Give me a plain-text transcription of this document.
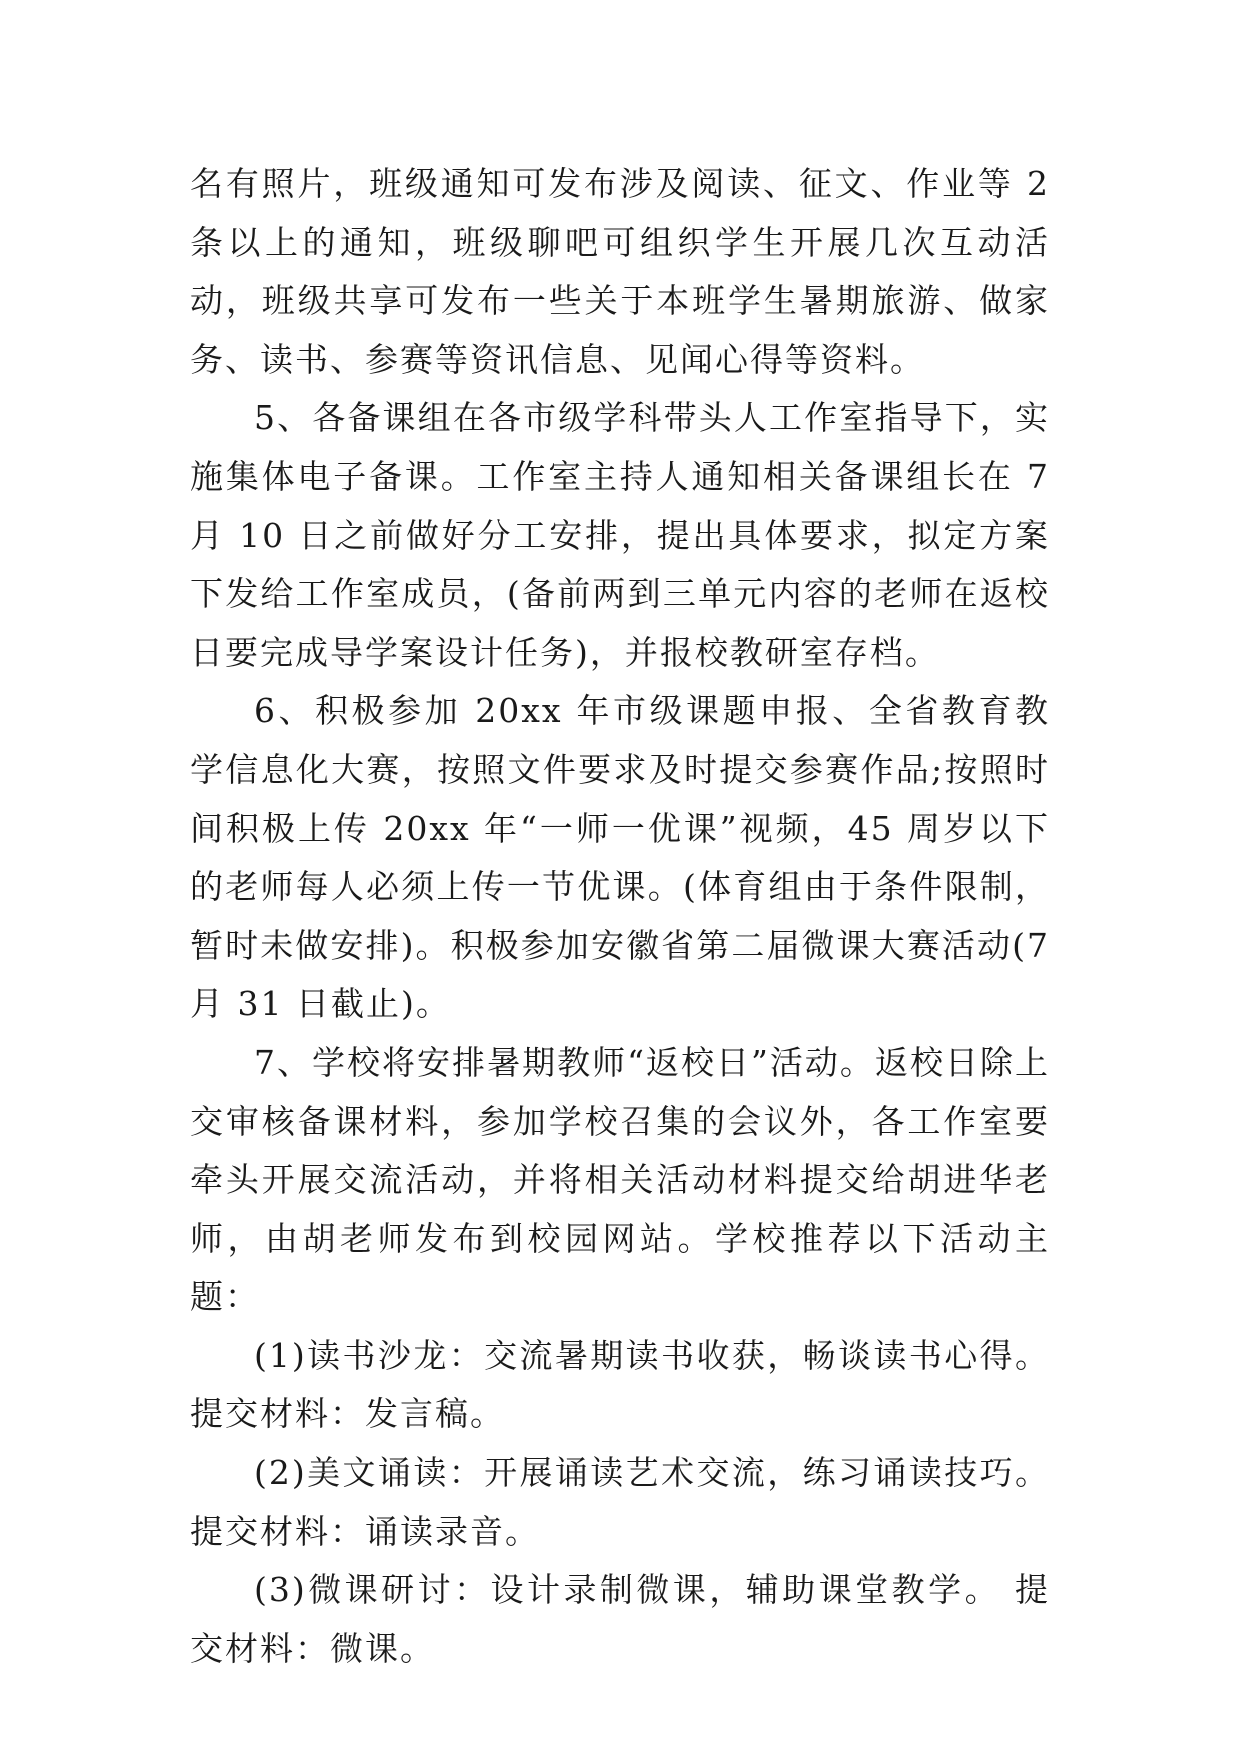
名有照片，班级通知可发布涉及阅读、征文、作业等 2 条以上的通知，班级聊吧可组织学生开展几次互动活动，班级共享可发布一些关于本班学生暑期旅游、做家务、读书、参赛等资讯信息、见闻心得等资料。

5、各备课组在各市级学科带头人工作室指导下，实施集体电子备课。工作室主持人通知相关备课组长在 7 月 10 日之前做好分工安排，提出具体要求，拟定方案下发给工作室成员，(备前两到三单元内容的老师在返校日要完成导学案设计任务)，并报校教研室存档。

6、积极参加 20xx 年市级课题申报、全省教育教学信息化大赛，按照文件要求及时提交参赛作品;按照时间积极上传 20xx 年“一师一优课”视频，45 周岁以下的老师每人必须上传一节优课。(体育组由于条件限制，暂时未做安排)。积极参加安徽省第二届微课大赛活动(7 月 31 日截止)。

7、学校将安排暑期教师“返校日”活动。返校日除上交审核备课材料，参加学校召集的会议外，各工作室要牵头开展交流活动，并将相关活动材料提交给胡进华老师，由胡老师发布到校园网站。学校推荐以下活动主题：

(1)读书沙龙：交流暑期读书收获，畅谈读书心得。提交材料：发言稿。

(2)美文诵读：开展诵读艺术交流，练习诵读技巧。提交材料：诵读录音。

(3)微课研讨：设计录制微课，辅助课堂教学。 提交材料：微课。
